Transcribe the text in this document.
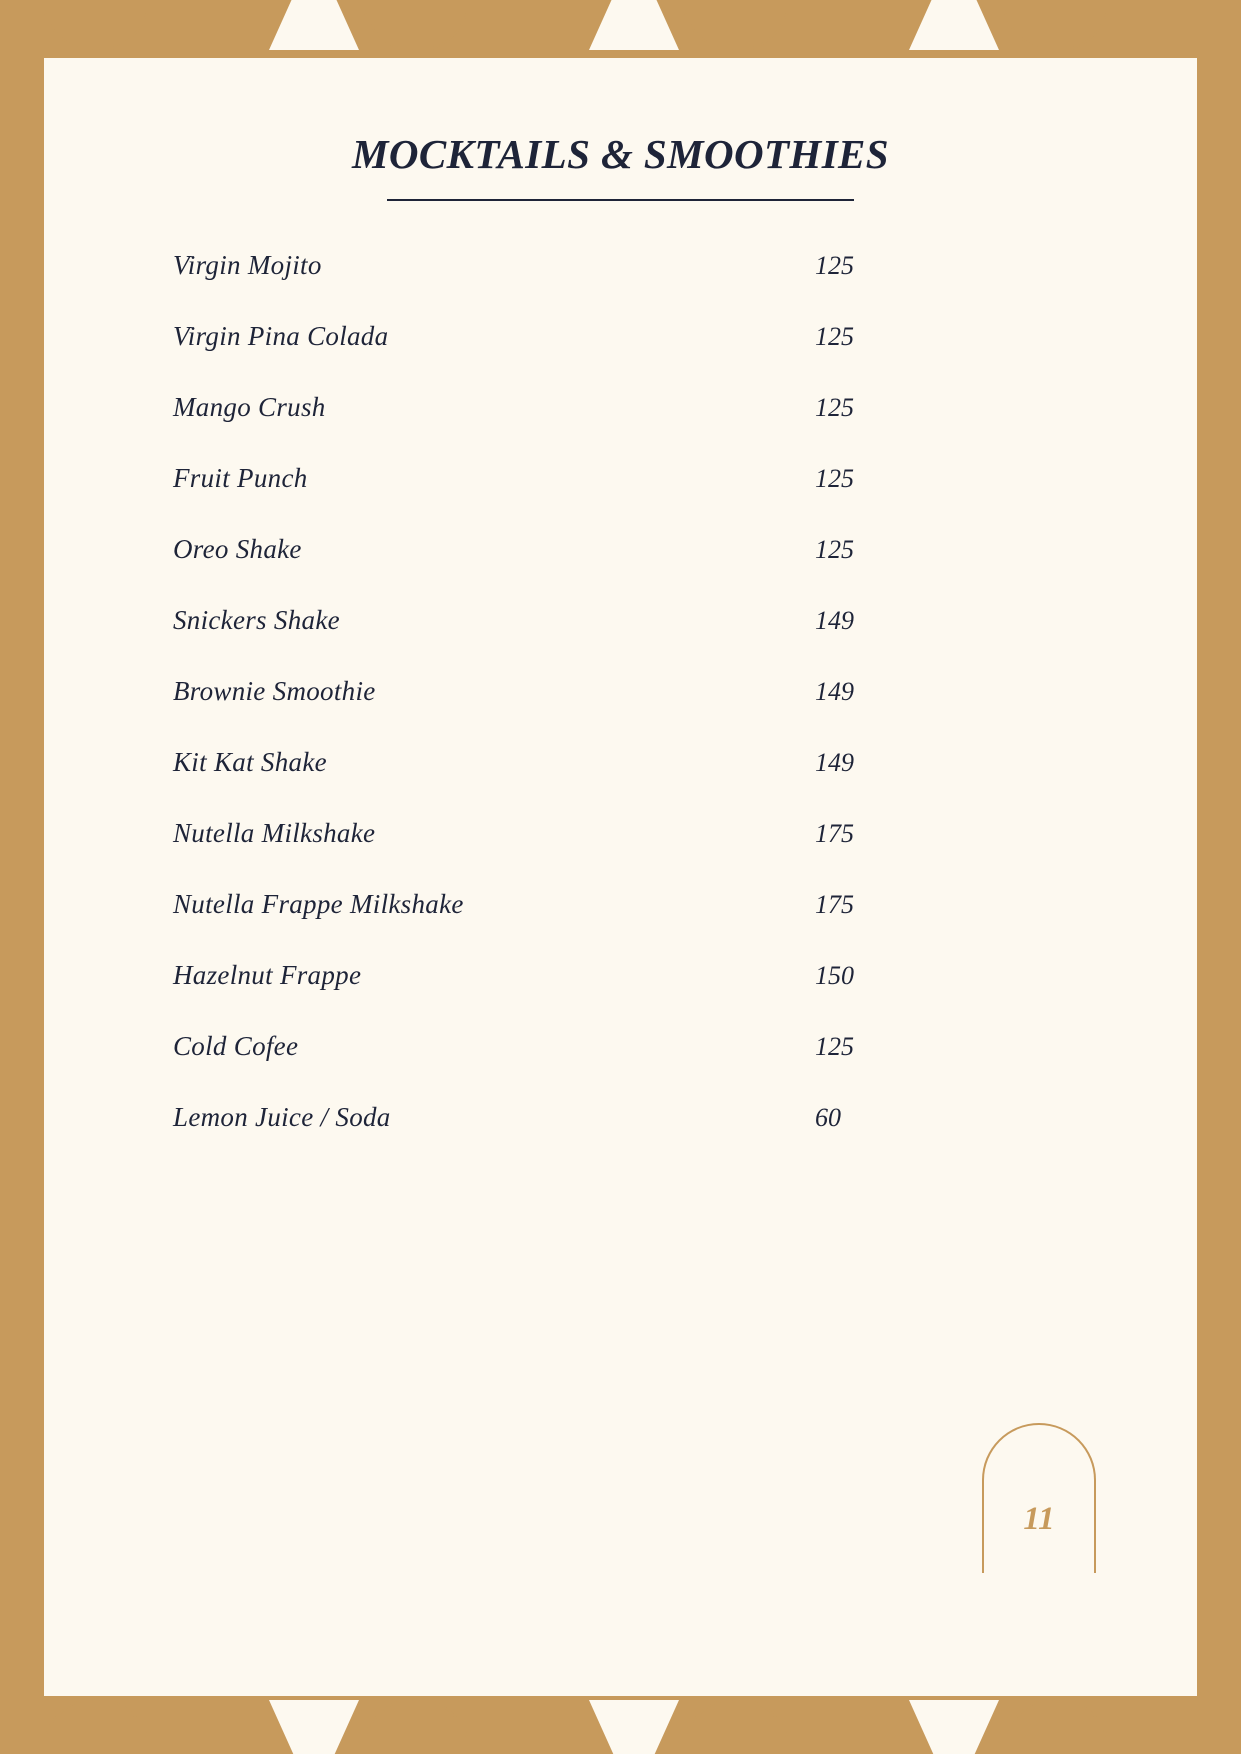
MOCKTAILS & SMOOTHIES
Virgin Mojito	125
Virgin Pina Colada	125
Mango Crush	125
Fruit Punch	125
Oreo Shake	125
Snickers Shake	149
Brownie Smoothie	149
Kit Kat Shake	149
Nutella Milkshake	175
Nutella Frappe Milkshake	175
Hazelnut Frappe	150
Cold Cofee	125
Lemon Juice / Soda	60
11
